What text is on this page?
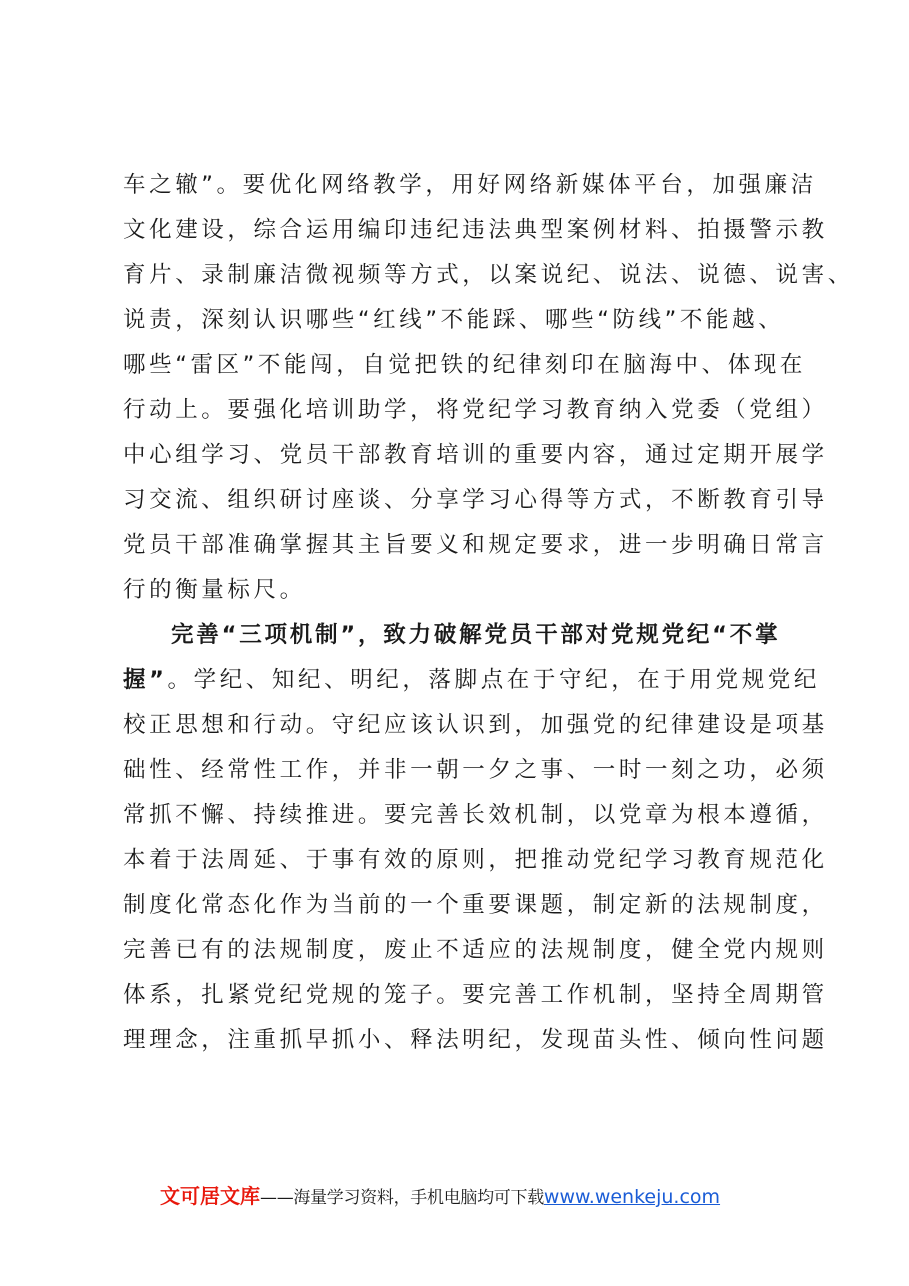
车之辙”。要优化网络教学，用好网络新媒体平台，加强廉洁
文化建设，综合运用编印违纪违法典型案例材料、拍摄警示教
育片、录制廉洁微视频等方式，以案说纪、说法、说德、说害、
说责，深刻认识哪些“红线”不能踩、哪些“防线”不能越、
哪些“雷区”不能闯，自觉把铁的纪律刻印在脑海中、体现在
行动上。要强化培训助学，将党纪学习教育纳入党委（党组）
中心组学习、党员干部教育培训的重要内容，通过定期开展学
习交流、组织研讨座谈、分享学习心得等方式，不断教育引导
党员干部准确掌握其主旨要义和规定要求，进一步明确日常言
行的衡量标尺。
完善“三项机制”，致力破解党员干部对党规党纪“不掌
握”。学纪、知纪、明纪，落脚点在于守纪，在于用党规党纪
校正思想和行动。守纪应该认识到，加强党的纪律建设是项基
础性、经常性工作，并非一朝一夕之事、一时一刻之功，必须
常抓不懈、持续推进。要完善长效机制，以党章为根本遵循，
本着于法周延、于事有效的原则，把推动党纪学习教育规范化
制度化常态化作为当前的一个重要课题，制定新的法规制度，
完善已有的法规制度，废止不适应的法规制度，健全党内规则
体系，扎紧党纪党规的笼子。要完善工作机制，坚持全周期管
理理念，注重抓早抓小、释法明纪，发现苗头性、倾向性问题
文可居文库——海量学习资料，手机电脑均可下载www.wenkeju.com
